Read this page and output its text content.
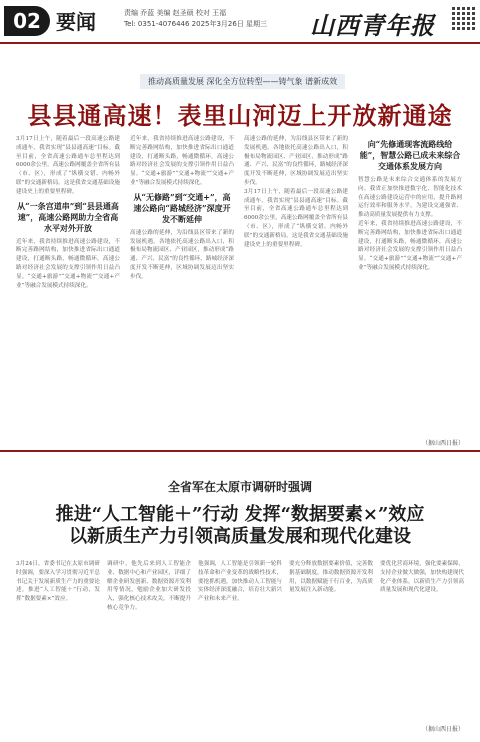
02 要闻	责编 乔蓝 美编 赵圣硕 校对 王福
Tel: 0351-4076446 2025年3月26日 星期三 山西青年报
推动高质量发展 深化全方位转型——铸气象 谱新成效
县县通高速！表里山河迈上开放新通途
3月17日上午，随着最后一段高速公路建成通车，我省实现“县县通高速”目标。截至目前，全省高速公路通车总里程达到6000余公里，高速公路网覆盖全省所有县（市、区），形成了“纵横交错、内畅外联”的交通新格局。这是我省交通基础设施建设史上的重要里程碑。
从“一条宫道串”到“县县通高速”，高速公路网助力全省高水平对外开放
近年来，我省持续推进高速公路建设，不断完善路网结构，加快推进省际出口通道建设，打通断头路，畅通微循环，高速公路对经济社会发展的支撑引领作用日益凸显。“交通+旅游”“交通+物流”“交通+产业”等融合发展模式持续深化。
近年来，我省持续推进高速公路建设，不断完善路网结构，加快推进省际出口通道建设，打通断头路，畅通微循环，高速公路对经济社会发展的支撑引领作用日益凸显。“交通+旅游”“交通+物流”“交通+产业”等融合发展模式持续深化。
从“无修路”到“交通+”，高速公路向“路城经济”深度开发不断延伸
高速公路的延伸，为沿线县区带来了新的发展机遇。各地依托高速公路出入口，积极布局物流园区、产业园区，推动形成“路通、产兴、民富”的良性循环，路城经济深度开发不断延伸，区域协调发展迈出坚实步伐。
高速公路的延伸，为沿线县区带来了新的发展机遇。各地依托高速公路出入口，积极布局物流园区、产业园区，推动形成“路通、产兴、民富”的良性循环，路城经济深度开发不断延伸，区域协调发展迈出坚实步伐。
3月17日上午，随着最后一段高速公路建成通车，我省实现“县县通高速”目标。截至目前，全省高速公路通车总里程达到6000余公里，高速公路网覆盖全省所有县（市、区），形成了“纵横交错、内畅外联”的交通新格局。这是我省交通基础设施建设史上的重要里程碑。
向“先修通现客流路线给能”，智慧公路已成未来综合交通体系发展方向
智慧公路是未来综合交通体系的发展方向。我省正加快推进数字化、智能化技术在高速公路建设运营中的应用，提升路网运行效率和服务水平，为建设交通强省、推动高质量发展提供有力支撑。
近年来，我省持续推进高速公路建设，不断完善路网结构，加快推进省际出口通道建设，打通断头路，畅通微循环，高速公路对经济社会发展的支撑引领作用日益凸显。“交通+旅游”“交通+物流”“交通+产业”等融合发展模式持续深化。
（据山西日报）
全省军在太原市调研时强调
推进“人工智能＋”行动 发挥“数据要素×”效应
以新质生产力引领高质量发展和现代化建设
3月24日，省委书记在太原市调研时强调，要深入学习贯彻习近平总书记关于发展新质生产力的重要论述，推进“人工智能＋”行动，发挥“数据要素×”效应。
调研中，他先后来到人工智能企业、数据中心和产业园区，详细了解企业研发创新、数据资源开发利用等情况，勉励企业加大研发投入，强化核心技术攻关，不断提升核心竞争力。
他强调，人工智能是引领新一轮科技革命和产业变革的战略性技术，要抢抓机遇，加快推动人工智能与实体经济深度融合，培育壮大新兴产业和未来产业。
要充分释放数据要素价值，完善数据基础制度，推动数据资源开发利用，以数据赋能千行百业，为高质量发展注入新动能。
要优化营商环境，强化要素保障，支持企业做大做强，加快构建现代化产业体系，以新质生产力引领高质量发展和现代化建设。
（据山西日报）
